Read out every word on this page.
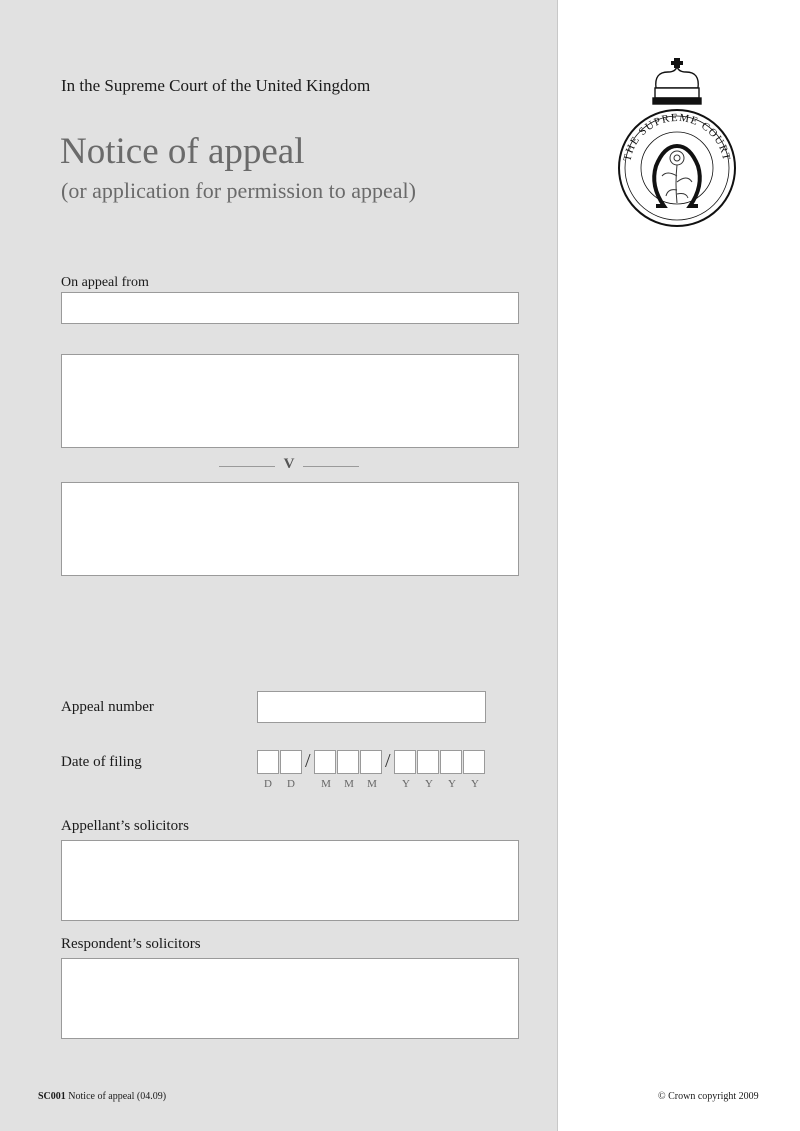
In the Supreme Court of the United Kingdom
Notice of appeal
(or application for permission to appeal)
THE SUPREME COURT
On appeal from
V
Appeal number
Date of filing	/	/
D D M M M Y Y Y Y
Appellant’s solicitors
Respondent’s solicitors
SC001 Notice of appeal (04.09)	© Crown copyright 2009
